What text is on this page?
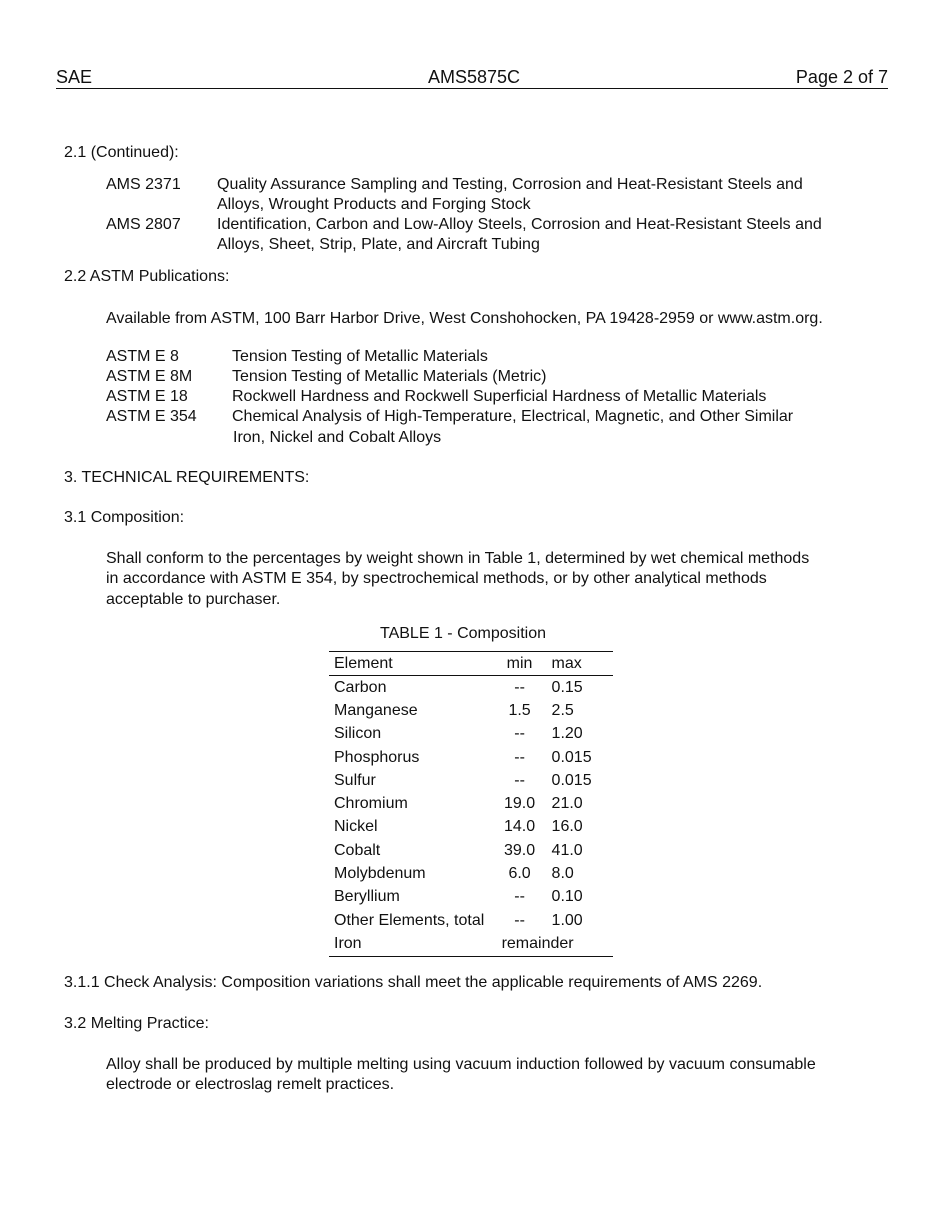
SAE	AMS5875C	Page 2 of 7
2.1 (Continued):
AMS 2371 Quality Assurance Sampling and Testing, Corrosion and Heat-Resistant Steels and
Alloys, Wrought Products and Forging Stock
AMS 2807 Identification, Carbon and Low-Alloy Steels, Corrosion and Heat-Resistant Steels and
Alloys, Sheet, Strip, Plate, and Aircraft Tubing
2.2 ASTM Publications:
Available from ASTM, 100 Barr Harbor Drive, West Conshohocken, PA 19428-2959 or www.astm.org.
ASTM E 8	Tension Testing of Metallic Materials
ASTM E 8M Tension Testing of Metallic Materials (Metric)
ASTM E 18	Rockwell Hardness and Rockwell Superficial Hardness of Metallic Materials
ASTM E 354 Chemical Analysis of High-Temperature, Electrical, Magnetic, and Other Similar
Iron, Nickel and Cobalt Alloys
3. TECHNICAL REQUIREMENTS:
3.1 Composition:
Shall conform to the percentages by weight shown in Table 1, determined by wet chemical methods
in accordance with ASTM E 354, by spectrochemical methods, or by other analytical methods
acceptable to purchaser.
TABLE 1 - Composition
Element	min	max
Carbon	--	0.15
Manganese	1.5	2.5
Silicon	--	1.20
Phosphorus	--	0.015
Sulfur	--	0.015
Chromium	19.0	21.0
Nickel	14.0	16.0
Cobalt	39.0	41.0
Molybdenum	6.0	8.0
Beryllium	--	0.10
Other Elements, total	--	1.00
Iron	remainder	
3.1.1 Check Analysis: Composition variations shall meet the applicable requirements of AMS 2269.
3.2 Melting Practice:
Alloy shall be produced by multiple melting using vacuum induction followed by vacuum consumable
electrode or electroslag remelt practices.
